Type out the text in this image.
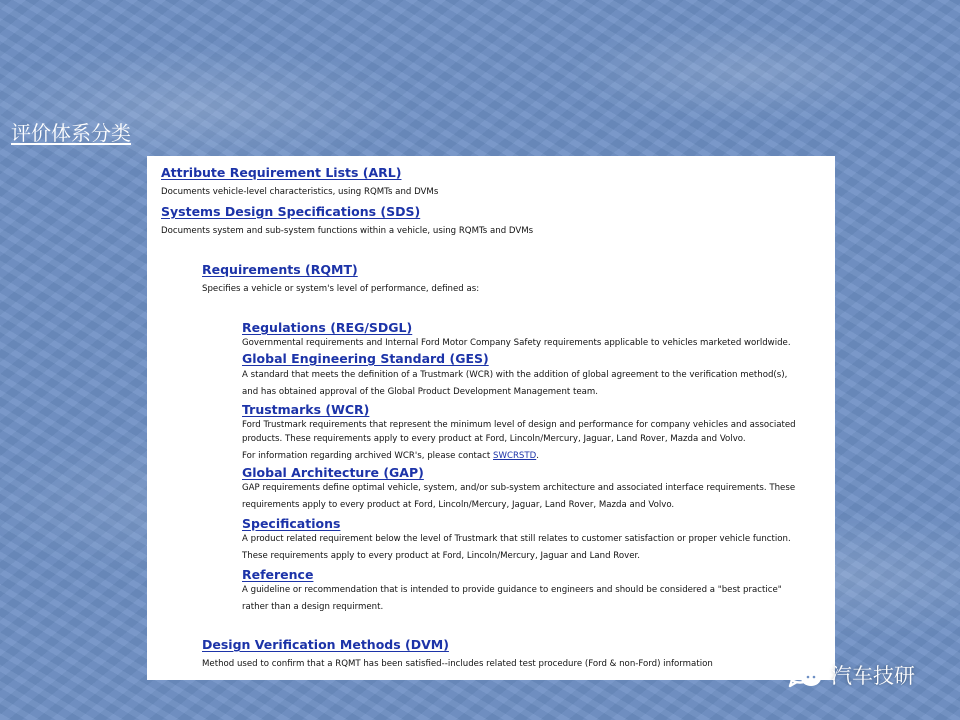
评价体系分类
Attribute Requirement Lists (ARL)
Documents vehicle-level characteristics, using RQMTs and DVMs
Systems Design Specifications (SDS)
Documents system and sub-system functions within a vehicle, using RQMTs and DVMs
Requirements (RQMT)
Specifies a vehicle or system's level of performance, defined as:
Regulations (REG/SDGL)
Governmental requirements and Internal Ford Motor Company Safety requirements applicable to vehicles marketed worldwide.
Global Engineering Standard (GES)
A standard that meets the definition of a Trustmark (WCR) with the addition of global agreement to the verification method(s),
and has obtained approval of the Global Product Development Management team.
Trustmarks (WCR)
Ford Trustmark requirements that represent the minimum level of design and performance for company vehicles and associated
products. These requirements apply to every product at Ford, Lincoln/Mercury, Jaguar, Land Rover, Mazda and Volvo.
For information regarding archived WCR's, please contact SWCRSTD.
Global Architecture (GAP)
GAP requirements define optimal vehicle, system, and/or sub-system architecture and associated interface requirements. These
requirements apply to every product at Ford, Lincoln/Mercury, Jaguar, Land Rover, Mazda and Volvo.
Specifications
A product related requirement below the level of Trustmark that still relates to customer satisfaction or proper vehicle function.
These requirements apply to every product at Ford, Lincoln/Mercury, Jaguar and Land Rover.
Reference
A guideline or recommendation that is intended to provide guidance to engineers and should be considered a "best practice"
rather than a design requirment.
Design Verification Methods (DVM)
Method used to confirm that a RQMT has been satisfied--includes related test procedure (Ford & non-Ford) information	汽车技研
